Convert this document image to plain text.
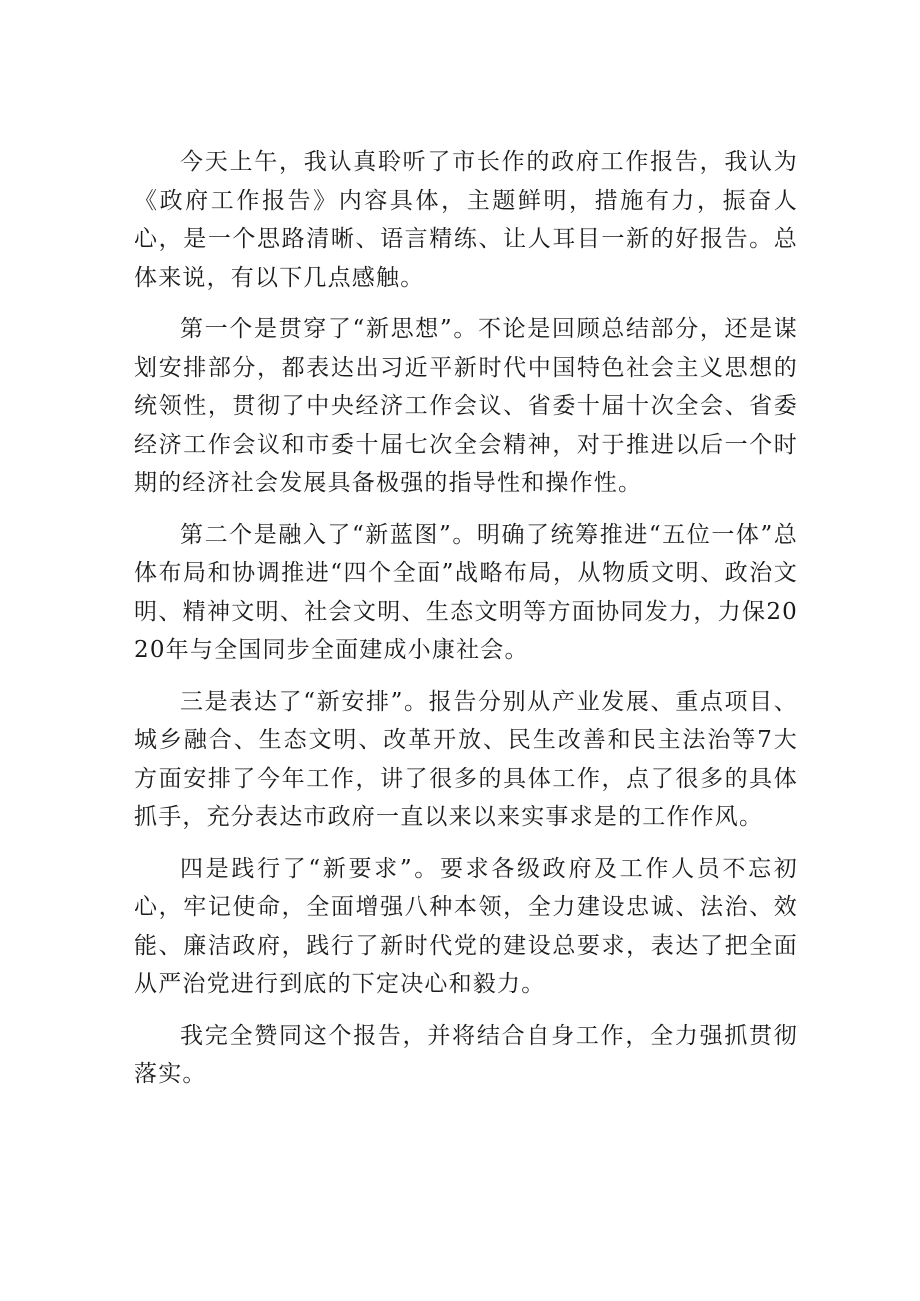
今天上午，我认真聆听了市长作的政府工作报告，我认为《政府工作报告》内容具体，主题鲜明，措施有力，振奋人心，是一个思路清晰、语言精练、让人耳目一新的好报告。总体来说，有以下几点感触。

第一个是贯穿了“新思想”。不论是回顾总结部分，还是谋划安排部分，都表达出习近平新时代中国特色社会主义思想的统领性，贯彻了中央经济工作会议、省委十届十次全会、省委经济工作会议和市委十届七次全会精神，对于推进以后一个时期的经济社会发展具备极强的指导性和操作性。

第二个是融入了“新蓝图”。明确了统筹推进“五位一体”总体布局和协调推进“四个全面”战略布局，从物质文明、政治文明、精神文明、社会文明、生态文明等方面协同发力，力保2020年与全国同步全面建成小康社会。

三是表达了“新安排”。报告分别从产业发展、重点项目、城乡融合、生态文明、改革开放、民生改善和民主法治等7大方面安排了今年工作，讲了很多的具体工作，点了很多的具体抓手，充分表达市政府一直以来以来实事求是的工作作风。

四是践行了“新要求”。要求各级政府及工作人员不忘初心，牢记使命，全面增强八种本领，全力建设忠诚、法治、效能、廉洁政府，践行了新时代党的建设总要求，表达了把全面从严治党进行到底的下定决心和毅力。

我完全赞同这个报告，并将结合自身工作，全力强抓贯彻落实。
